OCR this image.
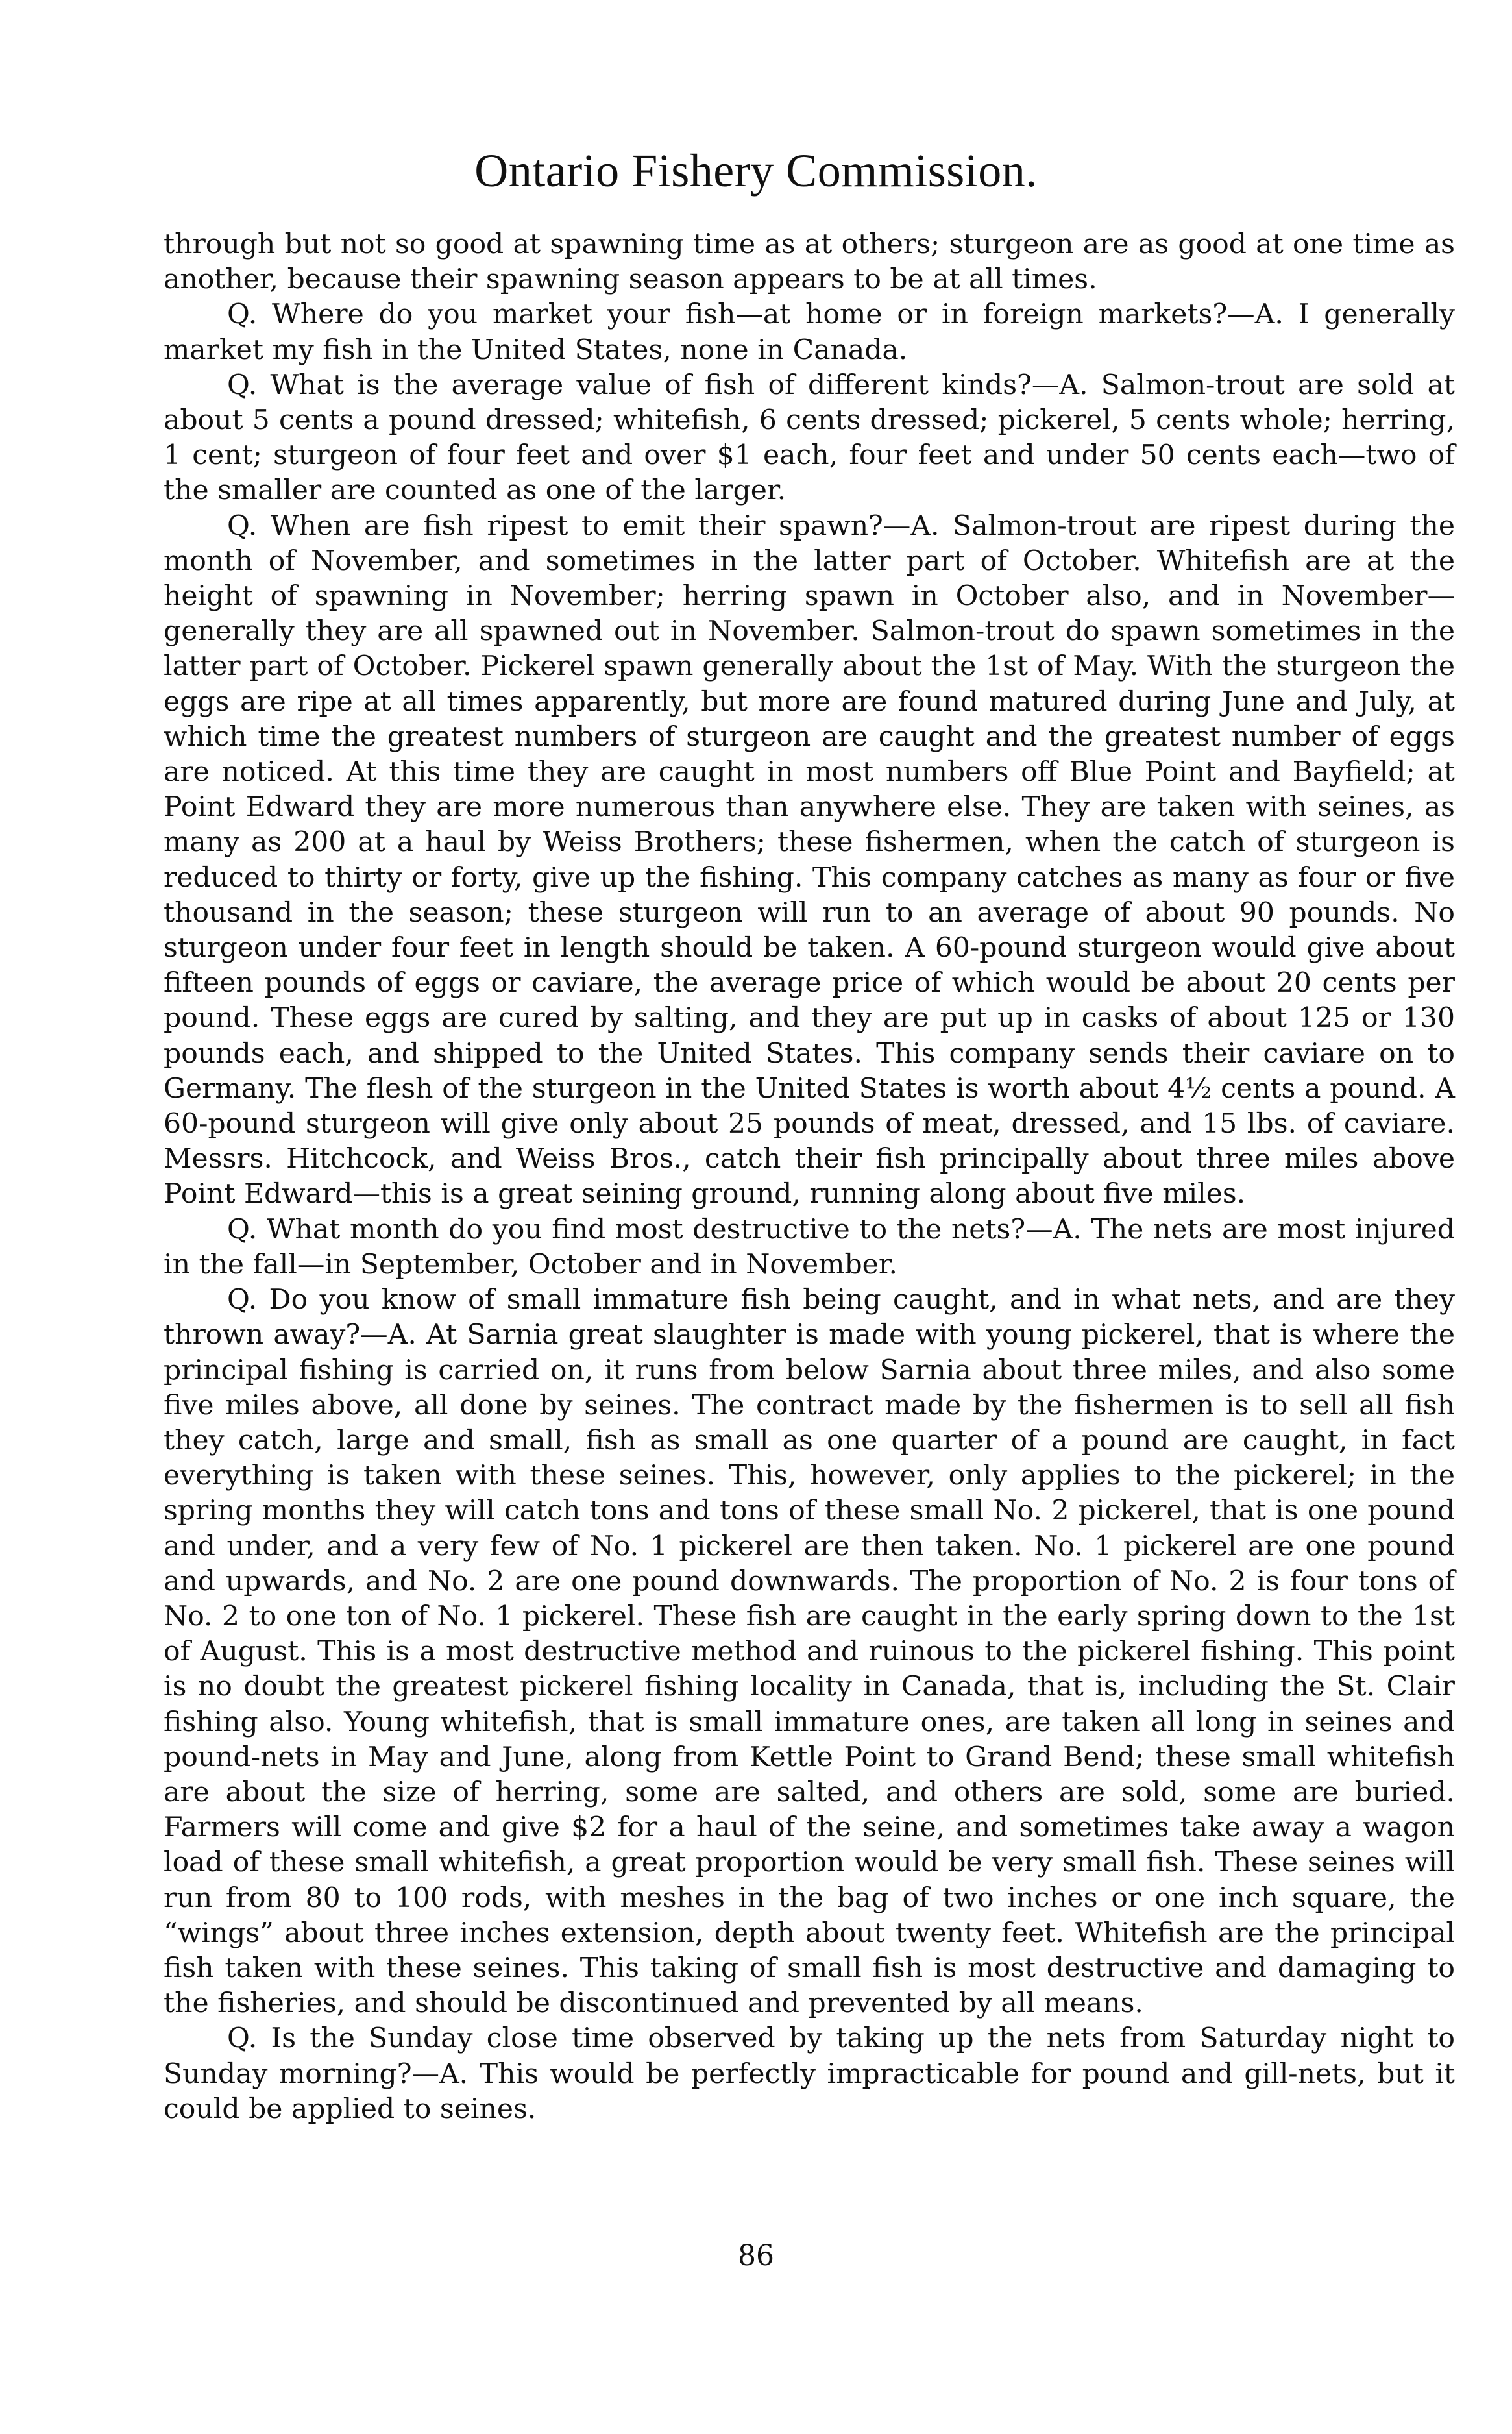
Ontario Fishery Commission.

through but not so good at spawning time as at others; sturgeon are as good at one time as another, because their spawning season appears to be at all times.

Q. Where do you market your fish—at home or in foreign markets?—A. I generally market my fish in the United States, none in Canada.

Q. What is the average value of fish of different kinds?—A. Salmon-trout are sold at about 5 cents a pound dressed; whitefish, 6 cents dressed; pickerel, 5 cents whole; herring, 1 cent; sturgeon of four feet and over $1 each, four feet and under 50 cents each—two of the smaller are counted as one of the larger.

Q. When are fish ripest to emit their spawn?—A. Salmon-trout are ripest during the month of November, and sometimes in the latter part of October. Whitefish are at the height of spawning in November; herring spawn in October also, and in November—generally they are all spawned out in November. Salmon-trout do spawn sometimes in the latter part of October. Pickerel spawn generally about the 1st of May. With the sturgeon the eggs are ripe at all times apparently, but more are found matured during June and July, at which time the greatest numbers of sturgeon are caught and the greatest number of eggs are noticed. At this time they are caught in most numbers off Blue Point and Bayfield; at Point Edward they are more numerous than anywhere else. They are taken with seines, as many as 200 at a haul by Weiss Brothers; these fishermen, when the catch of sturgeon is reduced to thirty or forty, give up the fishing. This company catches as many as four or five thousand in the season; these sturgeon will run to an average of about 90 pounds. No sturgeon under four feet in length should be taken. A 60-pound sturgeon would give about fifteen pounds of eggs or caviare, the average price of which would be about 20 cents per pound. These eggs are cured by salting, and they are put up in casks of about 125 or 130 pounds each, and shipped to the United States. This company sends their caviare on to Germany. The flesh of the sturgeon in the United States is worth about 4½ cents a pound. A 60-pound sturgeon will give only about 25 pounds of meat, dressed, and 15 lbs. of caviare. Messrs. Hitchcock, and Weiss Bros., catch their fish principally about three miles above Point Edward—this is a great seining ground, running along about five miles.

Q. What month do you find most destructive to the nets?—A. The nets are most injured in the fall—in September, October and in November.

Q. Do you know of small immature fish being caught, and in what nets, and are they thrown away?—A. At Sarnia great slaughter is made with young pickerel, that is where the principal fishing is carried on, it runs from below Sarnia about three miles, and also some five miles above, all done by seines. The contract made by the fishermen is to sell all fish they catch, large and small, fish as small as one quarter of a pound are caught, in fact everything is taken with these seines. This, however, only applies to the pickerel; in the spring months they will catch tons and tons of these small No. 2 pickerel, that is one pound and under, and a very few of No. 1 pickerel are then taken. No. 1 pickerel are one pound and upwards, and No. 2 are one pound downwards. The proportion of No. 2 is four tons of No. 2 to one ton of No. 1 pickerel. These fish are caught in the early spring down to the 1st of August. This is a most destructive method and ruinous to the pickerel fishing. This point is no doubt the greatest pickerel fishing locality in Canada, that is, including the St. Clair fishing also. Young whitefish, that is small immature ones, are taken all long in seines and pound-nets in May and June, along from Kettle Point to Grand Bend; these small whitefish are about the size of herring, some are salted, and others are sold, some are buried. Farmers will come and give $2 for a haul of the seine, and sometimes take away a wagon load of these small whitefish, a great proportion would be very small fish. These seines will run from 80 to 100 rods, with meshes in the bag of two inches or one inch square, the “wings” about three inches extension, depth about twenty feet. Whitefish are the principal fish taken with these seines. This taking of small fish is most destructive and damaging to the fisheries, and should be discontinued and prevented by all means.

Q. Is the Sunday close time observed by taking up the nets from Saturday night to Sunday morning?—A. This would be perfectly impracticable for pound and gill-nets, but it could be applied to seines.

86
